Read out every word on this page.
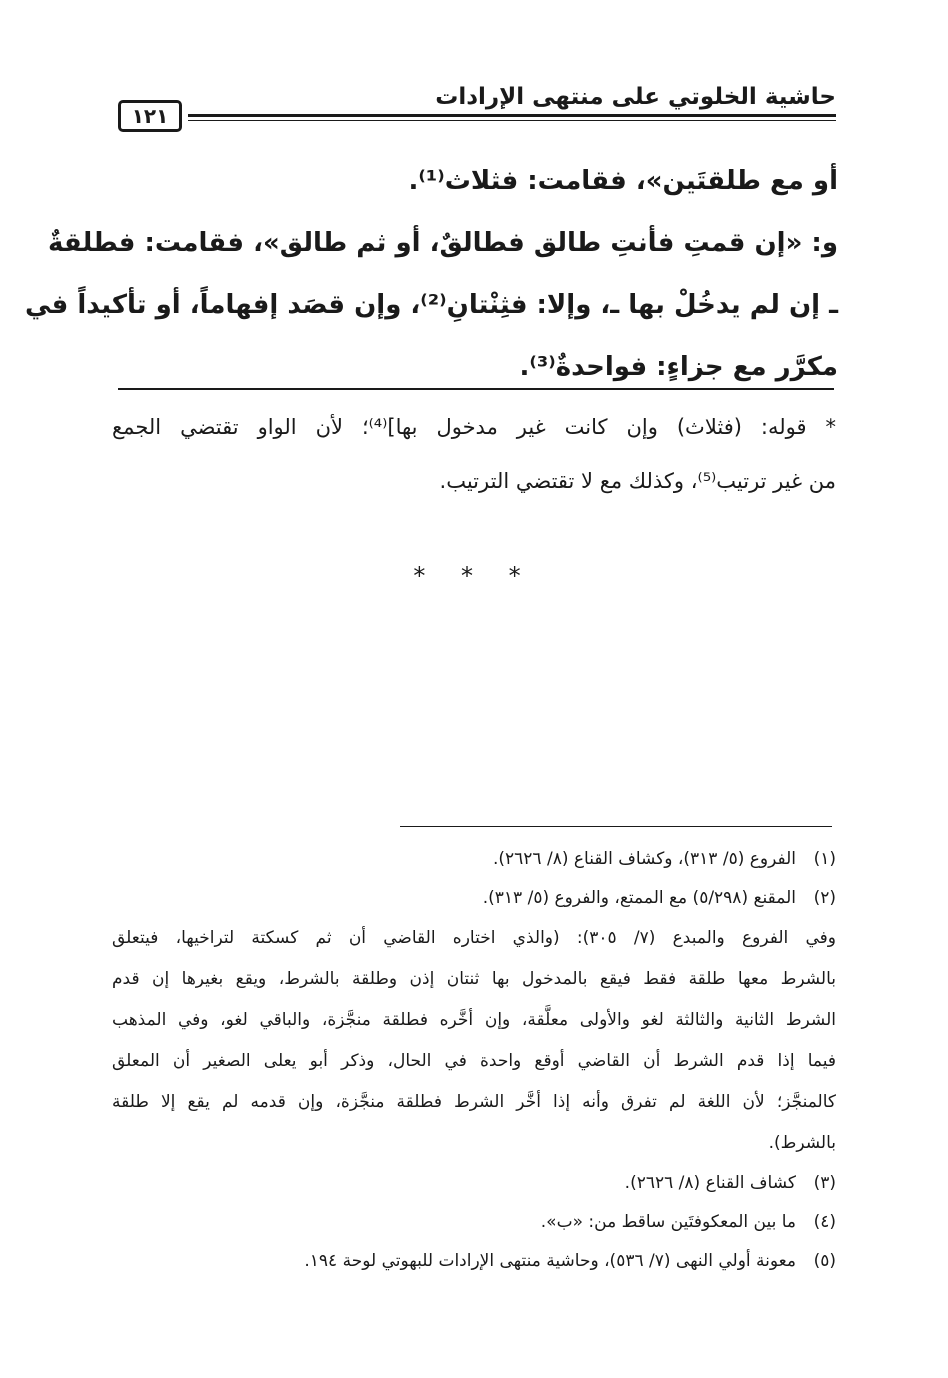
حاشية الخلوتي على منتهى الإرادات
١٢١
أو مع طلقتَين»، فقامت: فثلاث⁽¹⁾.
و: «إن قمتِ فأنتِ طالق فطالقٌ، أو ثم طالق»، فقامت: فطلقةٌ
ـ إن لم يدخُلْ بها ـ، وإلا: فثِنْتانِ⁽²⁾، وإن قصَد إفهاماً، أو تأكيداً في
مكرَّر مع جزاءٍ: فواحدةٌ⁽³⁾.
* قوله: (فثلاث) وإن كانت غير مدخول بها]⁽⁴⁾؛ لأن الواو تقتضي الجمع
من غير ترتيب⁽⁵⁾، وكذلك مع لا تقتضي الترتيب.
* * *
(١)الفروع (٥/ ٣١٣)، وكشاف القناع (٨/ ٢٦٢٦).
(٢)المقنع (٥/٢٩٨) مع الممتع، والفروع (٥/ ٣١٣).
وفي الفروع والمبدع (٧/ ٣٠٥): (والذي اختاره القاضي أن ثم كسكتة لتراخيها، فيتعلق
بالشرط معها طلقة فقط فيقع بالمدخول بها ثنتان إذن وطلقة بالشرط، ويقع بغيرها إن قدم
الشرط الثانية والثالثة لغو والأولى معلَّقة، وإن أخَّره فطلقة منجَّزة، والباقي لغو، وفي المذهب
فيما إذا قدم الشرط أن القاضي أوقع واحدة في الحال، وذكر أبو يعلى الصغير أن المعلق
كالمنجَّز؛ لأن اللغة لم تفرق وأنه إذا أخَّر الشرط فطلقة منجَّزة، وإن قدمه لم يقع إلا طلقة
بالشرط).
(٣)كشاف القناع (٨/ ٢٦٢٦).
(٤)ما بين المعكوفتَين ساقط من: «ب».
(٥)معونة أولي النهى (٧/ ٥٣٦)، وحاشية منتهى الإرادات للبهوتي لوحة ١٩٤.
